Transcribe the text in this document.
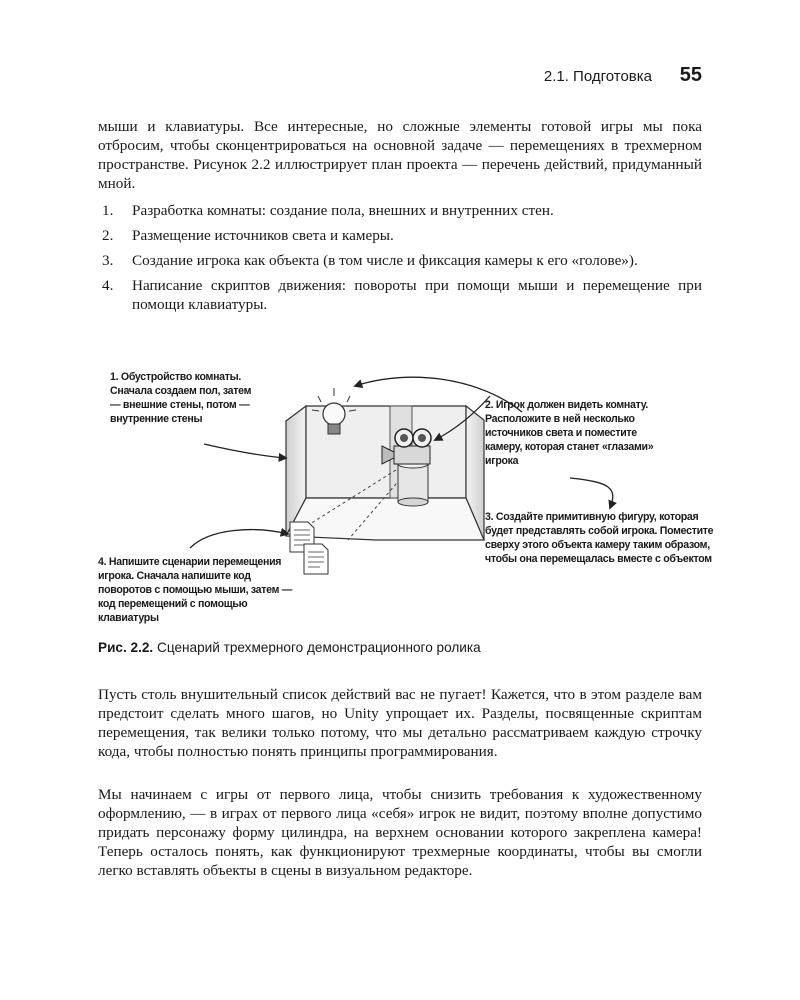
2.1. Подготовка 55

мыши и клавиатуры. Все интересные, но сложные элементы готовой игры мы пока отбросим, чтобы сконцентрироваться на основной задаче — перемещениях в трехмерном пространстве. Рисунок 2.2 иллюстрирует план проекта — перечень действий, придуманный мной.

1.	Разработка комнаты: создание пола, внешних и внутренних стен.
2.	Размещение источников света и камеры.
3.	Создание игрока как объекта (в том числе и фиксация камеры к его «голове»).
4.	Написание скриптов движения: повороты при помощи мыши и перемещение при помощи клавиатуры.
1. Обустройство комнаты. Сначала создаем пол, затем — внешние стены, потом — внутренние стены
2. Игрок должен видеть комнату. Расположите в ней несколько источников света и поместите камеру, которая станет «глазами» игрока
3. Создайте примитивную фигуру, которая будет представлять собой игрока. Поместите сверху этого объекта камеру таким образом, чтобы она перемещалась вместе с объектом
4. Напишите сценарии перемещения игрока. Сначала напишите код поворотов с помощью мыши, затем — код перемещений с помощью клавиатуры
Рис. 2.2. Сценарий трехмерного демонстрационного ролика

Пусть столь внушительный список действий вас не пугает! Кажется, что в этом разделе вам предстоит сделать много шагов, но Unity упрощает их. Разделы, посвященные скриптам перемещения, так велики только потому, что мы детально рассматриваем каждую строчку кода, чтобы полностью понять принципы программирования.

Мы начинаем с игры от первого лица, чтобы снизить требования к художественному оформлению, — в играх от первого лица «себя» игрок не видит, поэтому вполне допустимо придать персонажу форму цилиндра, на верхнем основании которого закреплена камера! Теперь осталось понять, как функционируют трехмерные координаты, чтобы вы смогли легко вставлять объекты в сцены в визуальном редакторе.
